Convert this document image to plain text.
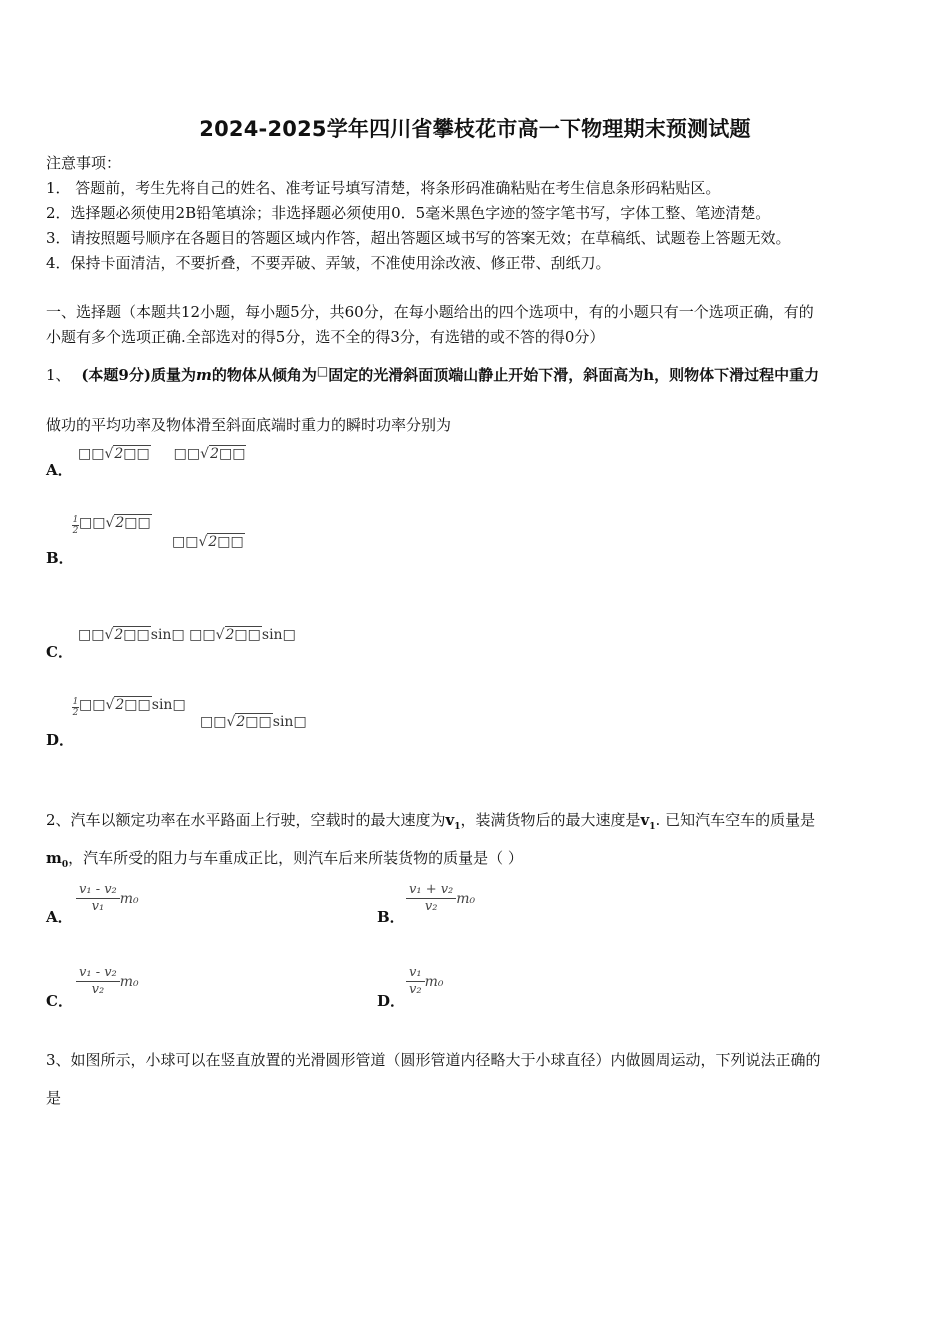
2024-2025学年四川省攀枝花市高一下物理期末预测试题
注意事项：
1． 答题前，考生先将自己的姓名、准考证号填写清楚，将条形码准确粘贴在考生信息条形码粘贴区。
2．选择题必须使用2B铅笔填涂；非选择题必须使用0．5毫米黑色字迹的签字笔书写，字体工整、笔迹清楚。
3．请按照题号顺序在各题目的答题区域内作答，超出答题区域书写的答案无效；在草稿纸、试题卷上答题无效。
4．保持卡面清洁，不要折叠，不要弄破、弄皱，不准使用涂改液、修正带、刮纸刀。
一、选择题（本题共12小题，每小题5分，共60分，在每小题给出的四个选项中，有的小题只有一个选项正确，有的
小题有多个选项正确.全部选对的得5分，选不全的得3分，有选错的或不答的得0分）
1、 (本题9分)质量为m的物体从倾角为□固定的光滑斜面顶端山静止开始下滑，斜面高为h，则物体下滑过程中重力
做功的平均功率及物体滑至斜面底端时重力的瞬时功率分别为
A．
□□√2□□ □□√2□□
B．
$\frac{1}{2}$ □□√2□□
□□√2□□
C．
□□√2□□sin□ □□√2□□sin□
D．
$\frac{1}{2}$ □□√2□□sin□
□□√2□□sin□
2、汽车以额定功率在水平路面上行驶，空载时的最大速度为$v_1$，装满货物后的最大速度是$v_1$. 已知汽车空车的质量是
$m_0$，汽车所受的阻力与车重成正比，则汽车后来所装货物的质量是（ ）
A．
$\frac{\text{v₁ - v₂}}{\text{v₁}} m_0$
B．
$\frac{\text{v₁ + v₂}}{\text{v₂}} m_0$
C．
$\frac{\text{v₁ - v₂}}{\text{v₂}} m_0$
D．
$\frac{\text{v₁}}{\text{v₂}} m_0$
3、如图所示，小球可以在竖直放置的光滑圆形管道（圆形管道内径略大于小球直径）内做圆周运动，下列说法正确的
是
